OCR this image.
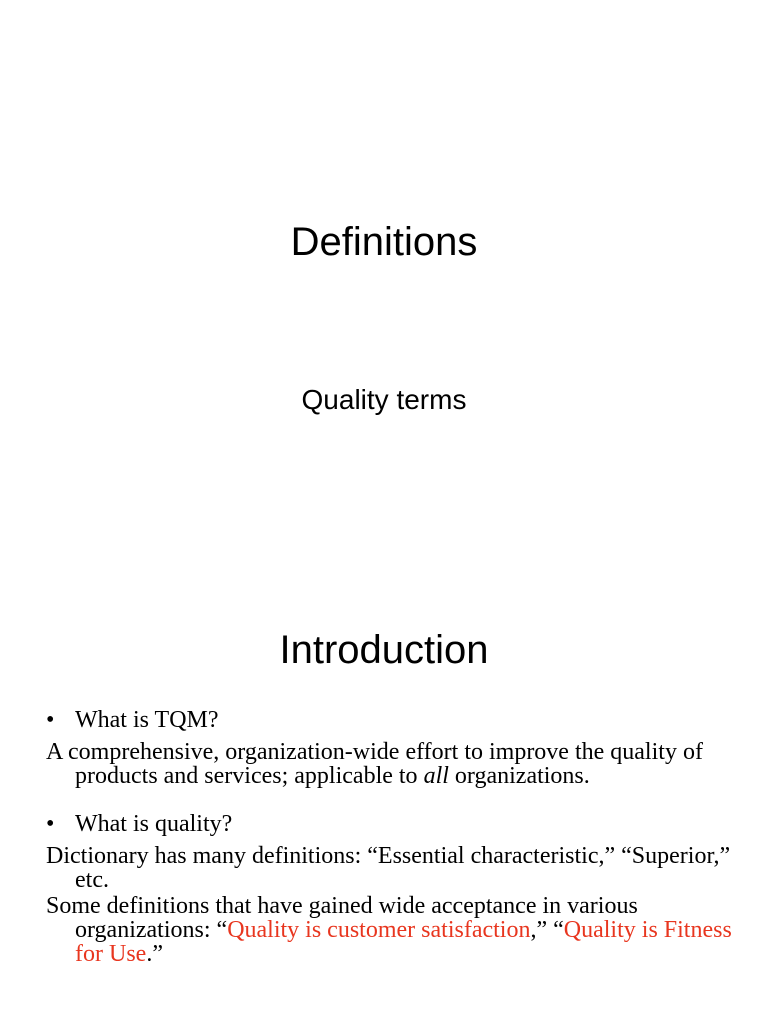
Definitions

Quality terms

Introduction
• What is TQM?

A comprehensive, organization-wide effort to improve the quality of products and services; applicable to all organizations.

• What is quality?

Dictionary has many definitions: “Essential characteristic,” “Superior,” etc.

Some definitions that have gained wide acceptance in various organizations: “Quality is customer satisfaction,” “Quality is Fitness for Use.”
